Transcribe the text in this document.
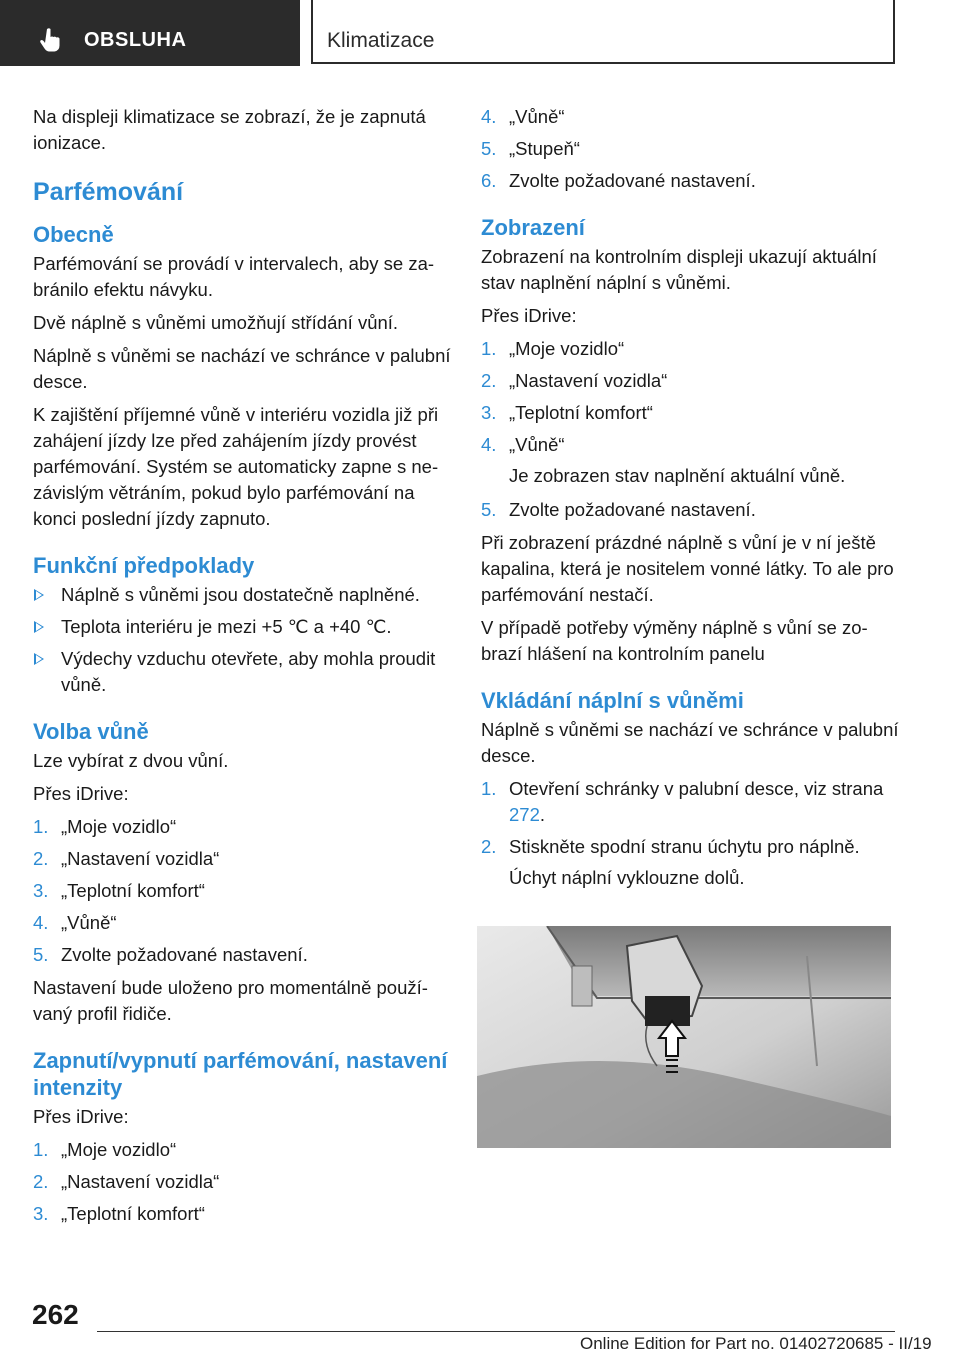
OBSLUHA	Klimatizace

Na displeji klimatizace se zobrazí, že je zapnutá ionizace.

Parfémování
Obecně

Parfémování se provádí v intervalech, aby se zabránilo efektu návyku.

Dvě náplně s vůněmi umožňují střídání vůní.

Náplně s vůněmi se nachází ve schránce v palubní desce.

K zajištění příjemné vůně v interiéru vozidla již při zahájení jízdy lze před zahájením jízdy provést parfémování. Systém se automaticky zapne s nezávislým větráním, pokud bylo parfémování na konci poslední jízdy zapnuto.

Funkční předpoklady
Náplně s vůněmi jsou dostatečně naplněné.
Teplota interiéru je mezi +5 ℃ a +40 ℃.
Výdechy vzduchu otevřete, aby mohla proudit vůně.
Volba vůně

Lze vybírat z dvou vůní.

Přes iDrive:

1. „Moje vozidlo“
2. „Nastavení vozidla“
3. „Teplotní komfort“
4. „Vůně“
5. Zvolte požadované nastavení.

Nastavení bude uloženo pro momentálně používaný profil řidiče.

Zapnutí/vypnutí parfémování, nastavení intenzity

Přes iDrive:

1. „Moje vozidlo“
2. „Nastavení vozidla“
3. „Teplotní komfort“
4. „Vůně“
5. „Stupeň“
6. Zvolte požadované nastavení.
Zobrazení

Zobrazení na kontrolním displeji ukazují aktuální stav naplnění náplní s vůněmi.

Přes iDrive:

1. „Moje vozidlo“
2. „Nastavení vozidla“
3. „Teplotní komfort“
4. „Vůně“

Je zobrazen stav naplnění aktuální vůně.

5. Zvolte požadované nastavení.

Při zobrazení prázdné náplně s vůní je v ní ještě kapalina, která je nositelem vonné látky. To ale pro parfémování nestačí.

V případě potřeby výměny náplně s vůní se zobrazí hlášení na kontrolním panelu

Vkládání náplní s vůněmi

Náplně s vůněmi se nachází ve schránce v palubní desce.

1. Otevření schránky v palubní desce, viz strana 272.
2. Stiskněte spodní stranu úchytu pro náplně.

Úchyt náplní vyklouzne dolů.

262
Online Edition for Part no. 01402720685 - II/19
